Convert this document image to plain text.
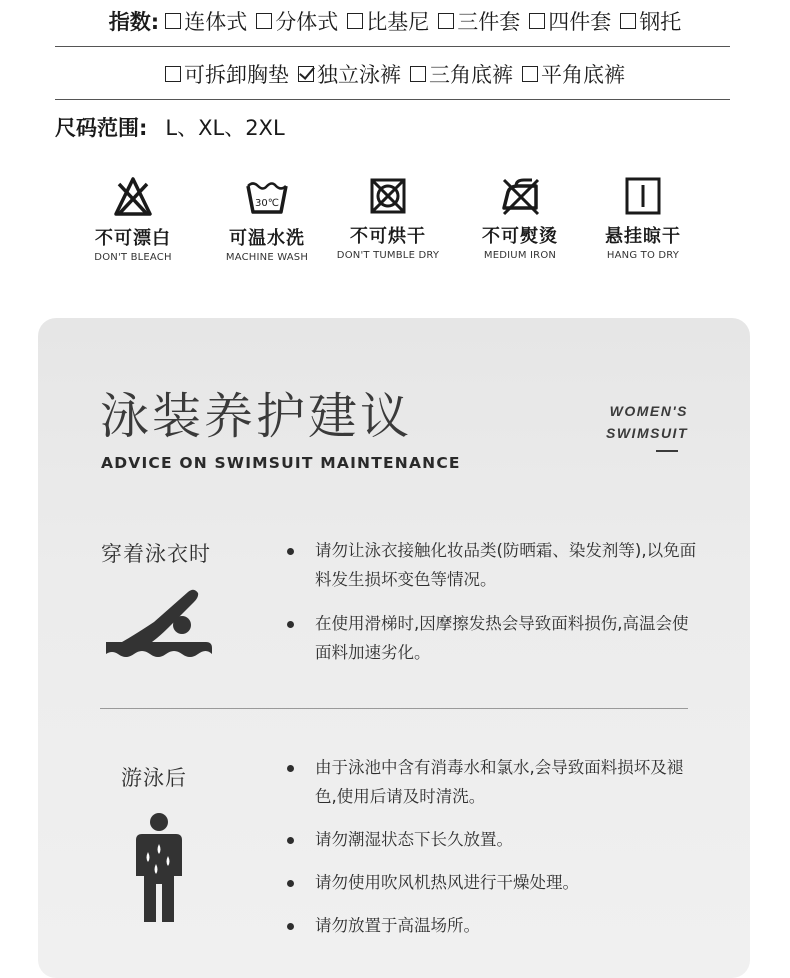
指数: 连体式 分体式 比基尼 三件套 四件套 钢托
可拆卸胸垫 独立泳裤 三角底裤 平角底裤
尺码范围: L、XL、2XL
不可漂白
DON'T BLEACH
30℃
可温水洗
MACHINE WASH
不可烘干
DON'T TUMBLE DRY
不可熨烫
MEDIUM IRON
悬挂晾干
HANG TO DRY
泳装养护建议
ADVICE ON SWIMSUIT MAINTENANCE
WOMEN'S
SWIMSUIT
穿着泳衣时	请勿让泳衣接触化妆品类(防晒霜、染发剂等),以免面料发生损坏变色等情况。
在使用滑梯时,因摩擦发热会导致面料损伤,高温会使面料加速劣化。
游泳后	由于泳池中含有消毒水和氯水,会导致面料损坏及褪色,使用后请及时清洗。
请勿潮湿状态下长久放置。
请勿使用吹风机热风进行干燥处理。
请勿放置于高温场所。
